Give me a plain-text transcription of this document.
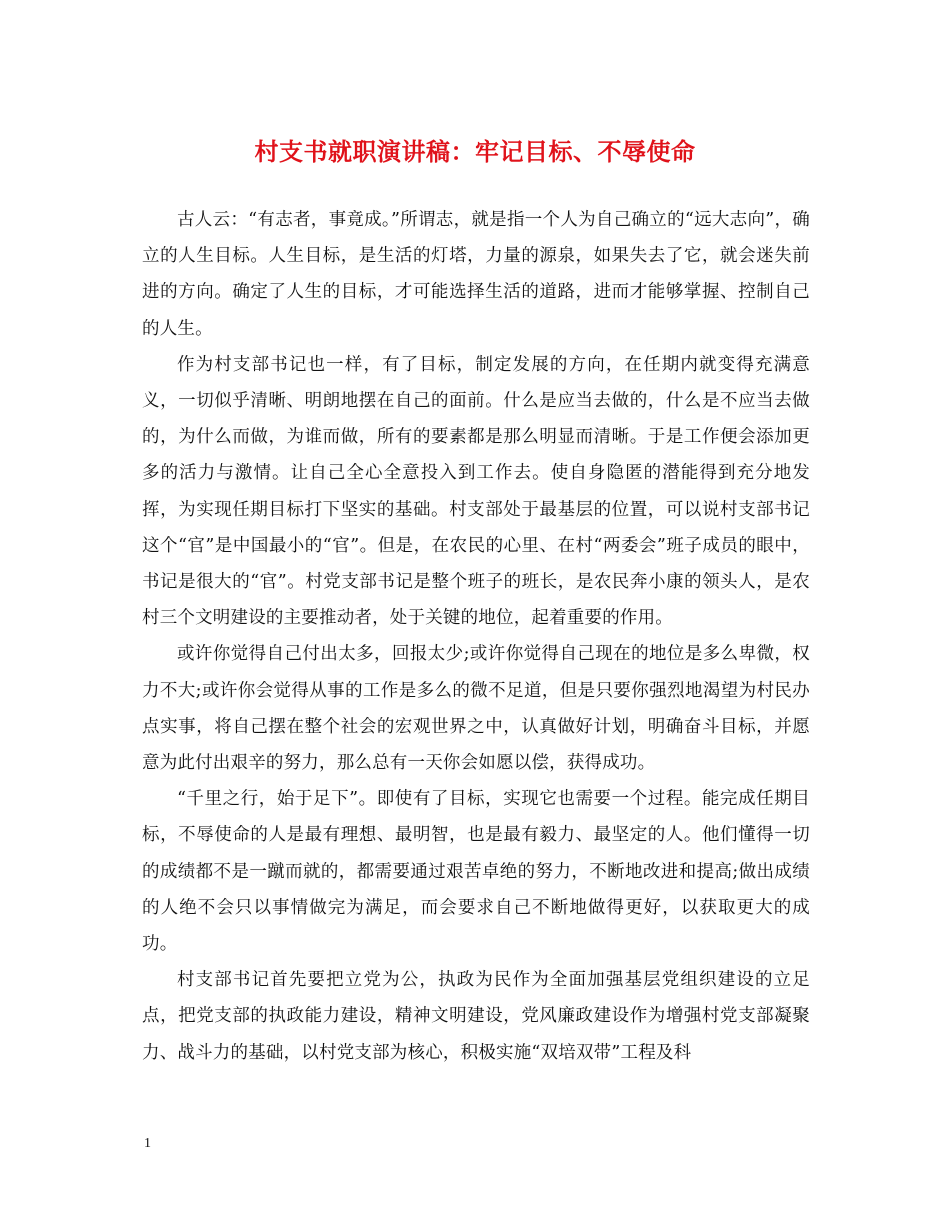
村支书就职演讲稿：牢记目标、不辱使命

古人云：“有志者，事竟成。”所谓志，就是指一个人为自己确立的“远大志向”，确立的人生目标。人生目标，是生活的灯塔，力量的源泉，如果失去了它，就会迷失前进的方向。确定了人生的目标，才可能选择生活的道路，进而才能够掌握、控制自己的人生。

作为村支部书记也一样，有了目标，制定发展的方向，在任期内就变得充满意义，一切似乎清晰、明朗地摆在自己的面前。什么是应当去做的，什么是不应当去做的，为什么而做，为谁而做，所有的要素都是那么明显而清晰。于是工作便会添加更多的活力与激情。让自己全心全意投入到工作去。使自身隐匿的潜能得到充分地发挥，为实现任期目标打下坚实的基础。村支部处于最基层的位置，可以说村支部书记这个“官”是中国最小的“官”。但是，在农民的心里、在村“两委会”班子成员的眼中，书记是很大的“官”。村党支部书记是整个班子的班长，是农民奔小康的领头人，是农村三个文明建设的主要推动者，处于关键的地位，起着重要的作用。

或许你觉得自己付出太多，回报太少;或许你觉得自己现在的地位是多么卑微，权力不大;或许你会觉得从事的工作是多么的微不足道，但是只要你强烈地渴望为村民办点实事，将自己摆在整个社会的宏观世界之中，认真做好计划，明确奋斗目标，并愿意为此付出艰辛的努力，那么总有一天你会如愿以偿，获得成功。

“千里之行，始于足下”。即使有了目标，实现它也需要一个过程。能完成任期目标，不辱使命的人是最有理想、最明智，也是最有毅力、最坚定的人。他们懂得一切的成绩都不是一蹴而就的，都需要通过艰苦卓绝的努力，不断地改进和提高;做出成绩的人绝不会只以事情做完为满足，而会要求自己不断地做得更好，以获取更大的成功。

村支部书记首先要把立党为公，执政为民作为全面加强基层党组织建设的立足点，把党支部的执政能力建设，精神文明建设，党风廉政建设作为增强村党支部凝聚力、战斗力的基础，以村党支部为核心，积极实施“双培双带”工程及科

1
